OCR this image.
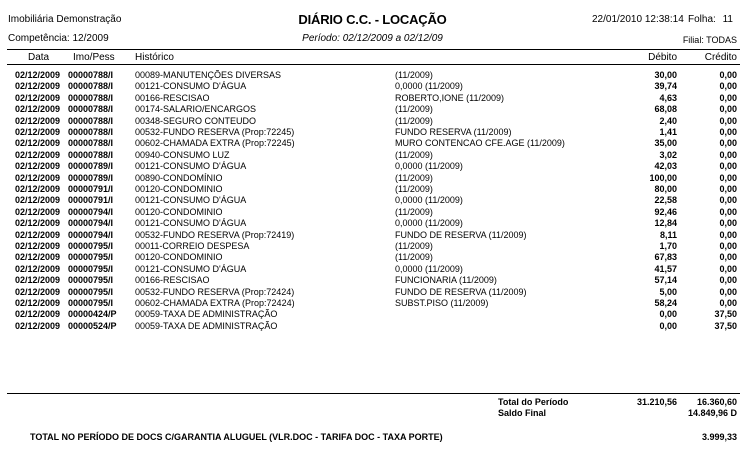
Imobiliária Demonstração	DIÁRIO C.C. - LOCAÇÃO	22/01/2010 12:38:14 Folha: 11
Competência: 12/2009	Período: 02/12/2009 a 02/12/09	Filial: TODAS
Data Imo/Pess Histórico	Débito	Crédito
02/12/2009 00000788/I 00089-MANUTENÇÕES DIVERSAS	(11/2009)	30,00	0,00
02/12/2009 00000788/I 00121-CONSUMO D'ÁGUA	0,0000 (11/2009)	39,74	0,00
02/12/2009 00000788/I 00166-RESCISAO	ROBERTO,IONE (11/2009)	4,63	0,00
02/12/2009 00000788/I 00174-SALARIO/ENCARGOS	(11/2009)	68,08	0,00
02/12/2009 00000788/I 00348-SEGURO CONTEUDO	(11/2009)	2,40	0,00
02/12/2009 00000788/I 00532-FUNDO RESERVA (Prop:72245)	FUNDO RESERVA (11/2009)	1,41	0,00
02/12/2009 00000788/I 00602-CHAMADA EXTRA (Prop:72245)	MURO CONTENCAO CFE.AGE (11/2009)	35,00	0,00
02/12/2009 00000788/I 00940-CONSUMO LUZ	(11/2009)	3,02	0,00
02/12/2009 00000789/I 00121-CONSUMO D'ÁGUA	0,0000 (11/2009)	42,03	0,00
02/12/2009 00000789/I 00890-CONDOMÍNIO	(11/2009)	100,00	0,00
02/12/2009 00000791/I 00120-CONDOMINIO	(11/2009)	80,00	0,00
02/12/2009 00000791/I 00121-CONSUMO D'ÁGUA	0,0000 (11/2009)	22,58	0,00
02/12/2009 00000794/I 00120-CONDOMINIO	(11/2009)	92,46	0,00
02/12/2009 00000794/I 00121-CONSUMO D'ÁGUA	0,0000 (11/2009)	12,84	0,00
02/12/2009 00000794/I 00532-FUNDO RESERVA (Prop:72419)	FUNDO DE RESERVA (11/2009)	8,11	0,00
02/12/2009 00000795/I 00011-CORREIO DESPESA	(11/2009)	1,70	0,00
02/12/2009 00000795/I 00120-CONDOMINIO	(11/2009)	67,83	0,00
02/12/2009 00000795/I 00121-CONSUMO D'ÁGUA	0,0000 (11/2009)	41,57	0,00
02/12/2009 00000795/I 00166-RESCISAO	FUNCIONARIA (11/2009)	57,14	0,00
02/12/2009 00000795/I 00532-FUNDO RESERVA (Prop:72424)	FUNDO DE RESERVA (11/2009)	5,00	0,00
02/12/2009 00000795/I 00602-CHAMADA EXTRA (Prop:72424)	SUBST.PISO (11/2009)	58,24	0,00
02/12/2009 00000424/P 00059-TAXA DE ADMINISTRAÇÃO	0,00	37,50
02/12/2009 00000524/P 00059-TAXA DE ADMINISTRAÇÃO	0,00	37,50
Total do Período	31.210,56 16.360,60
Saldo Final	14.849,96 D
TOTAL NO PERÍODO DE DOCS C/GARANTIA ALUGUEL (VLR.DOC - TARIFA DOC - TAXA PORTE)	3.999,33
